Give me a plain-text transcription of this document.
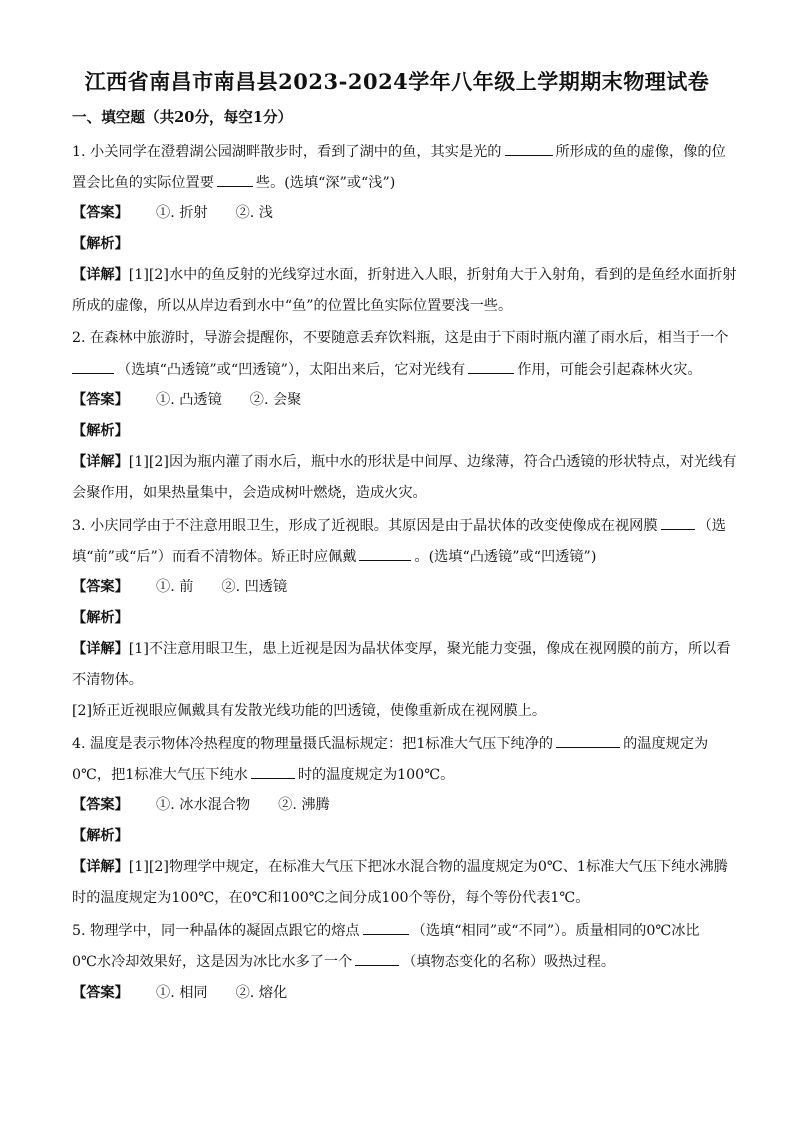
江西省南昌市南昌县2023-2024学年八年级上学期期末物理试卷
一、填空题（共20分，每空1分）
1. 小关同学在澄碧湖公园湖畔散步时，看到了湖中的鱼，其实是光的	所形成的鱼的虚像，像的位
置会比鱼的实际位置要	些。(选填“深”或“浅”)
【答案】 ①. 折射 ②. 浅
【解析】
【详解】[1][2]水中的鱼反射的光线穿过水面，折射进入人眼，折射角大于入射角，看到的是鱼经水面折射
所成的虚像，所以从岸边看到水中“鱼”的位置比鱼实际位置要浅一些。
2. 在森林中旅游时，导游会提醒你，不要随意丢弃饮料瓶，这是由于下雨时瓶内灌了雨水后，相当于一个
（选填“凸透镜”或“凹透镜”），太阳出来后，它对光线有	作用，可能会引起森林火灾。
【答案】 ①. 凸透镜 ②. 会聚
【解析】
【详解】[1][2]因为瓶内灌了雨水后，瓶中水的形状是中间厚、边缘薄，符合凸透镜的形状特点，对光线有
会聚作用，如果热量集中，会造成树叶燃烧，造成火灾。
3. 小庆同学由于不注意用眼卫生，形成了近视眼。其原因是由于晶状体的改变使像成在视网膜	（选
填“前”或“后”）而看不清物体。矫正时应佩戴	。(选填“凸透镜”或“凹透镜”)
【答案】 ①. 前 ②. 凹透镜
【解析】
【详解】[1]不注意用眼卫生，患上近视是因为晶状体变厚，聚光能力变强，像成在视网膜的前方，所以看
不清物体。
[2]矫正近视眼应佩戴具有发散光线功能的凹透镜，使像重新成在视网膜上。
4. 温度是表示物体冷热程度的物理量摄氏温标规定：把1标准大气压下纯净的	的温度规定为
0℃，把1标准大气压下纯水	时的温度规定为100℃。
【答案】 ①. 冰水混合物 ②. 沸腾
【解析】
【详解】[1][2]物理学中规定，在标准大气压下把冰水混合物的温度规定为0℃、1标准大气压下纯水沸腾
时的温度规定为100℃，在0℃和100℃之间分成100个等份，每个等份代表1℃。
5. 物理学中，同一种晶体的凝固点跟它的熔点	（选填“相同”或“不同”）。质量相同的0℃冰比
0℃水冷却效果好，这是因为冰比水多了一个	（填物态变化的名称）吸热过程。
【答案】 ①. 相同 ②. 熔化
